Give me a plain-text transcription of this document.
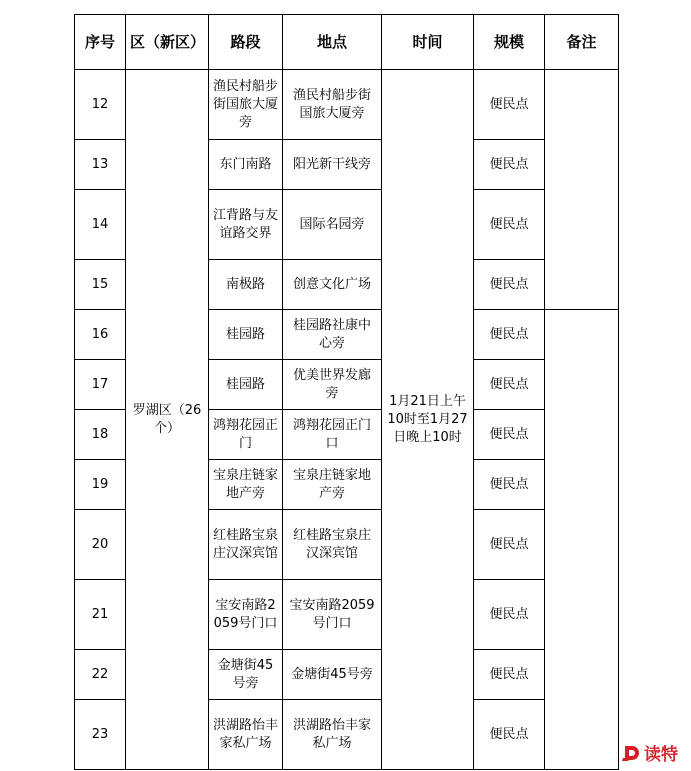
序号	区（新区）	路段	地点	时间	规模	备注
12	罗湖区（26个）	渔民村船步街国旅大厦旁	渔民村船步街国旅大厦旁	1月21日上午10时至1月27日晚上10时	便民点	
13		东门南路	阳光新干线旁		便民点	
14		江背路与友谊路交界	国际名园旁		便民点	
15		南极路	创意文化广场		便民点	
16		桂园路	桂园路社康中心旁		便民点	
17		桂园路	优美世界发廊旁		便民点	
18		鸿翔花园正门	鸿翔花园正门口		便民点	
19		宝泉庄链家地产旁	宝泉庄链家地产旁		便民点	
20		红桂路宝泉庄汉深宾馆	红桂路宝泉庄汉深宾馆		便民点	
21		宝安南路2059号门口	宝安南路2059号门口		便民点	
22		金塘街45号旁	金塘街45号旁		便民点	
23		洪湖路怡丰家私广场	洪湖路怡丰家私广场		便民点	
读特
